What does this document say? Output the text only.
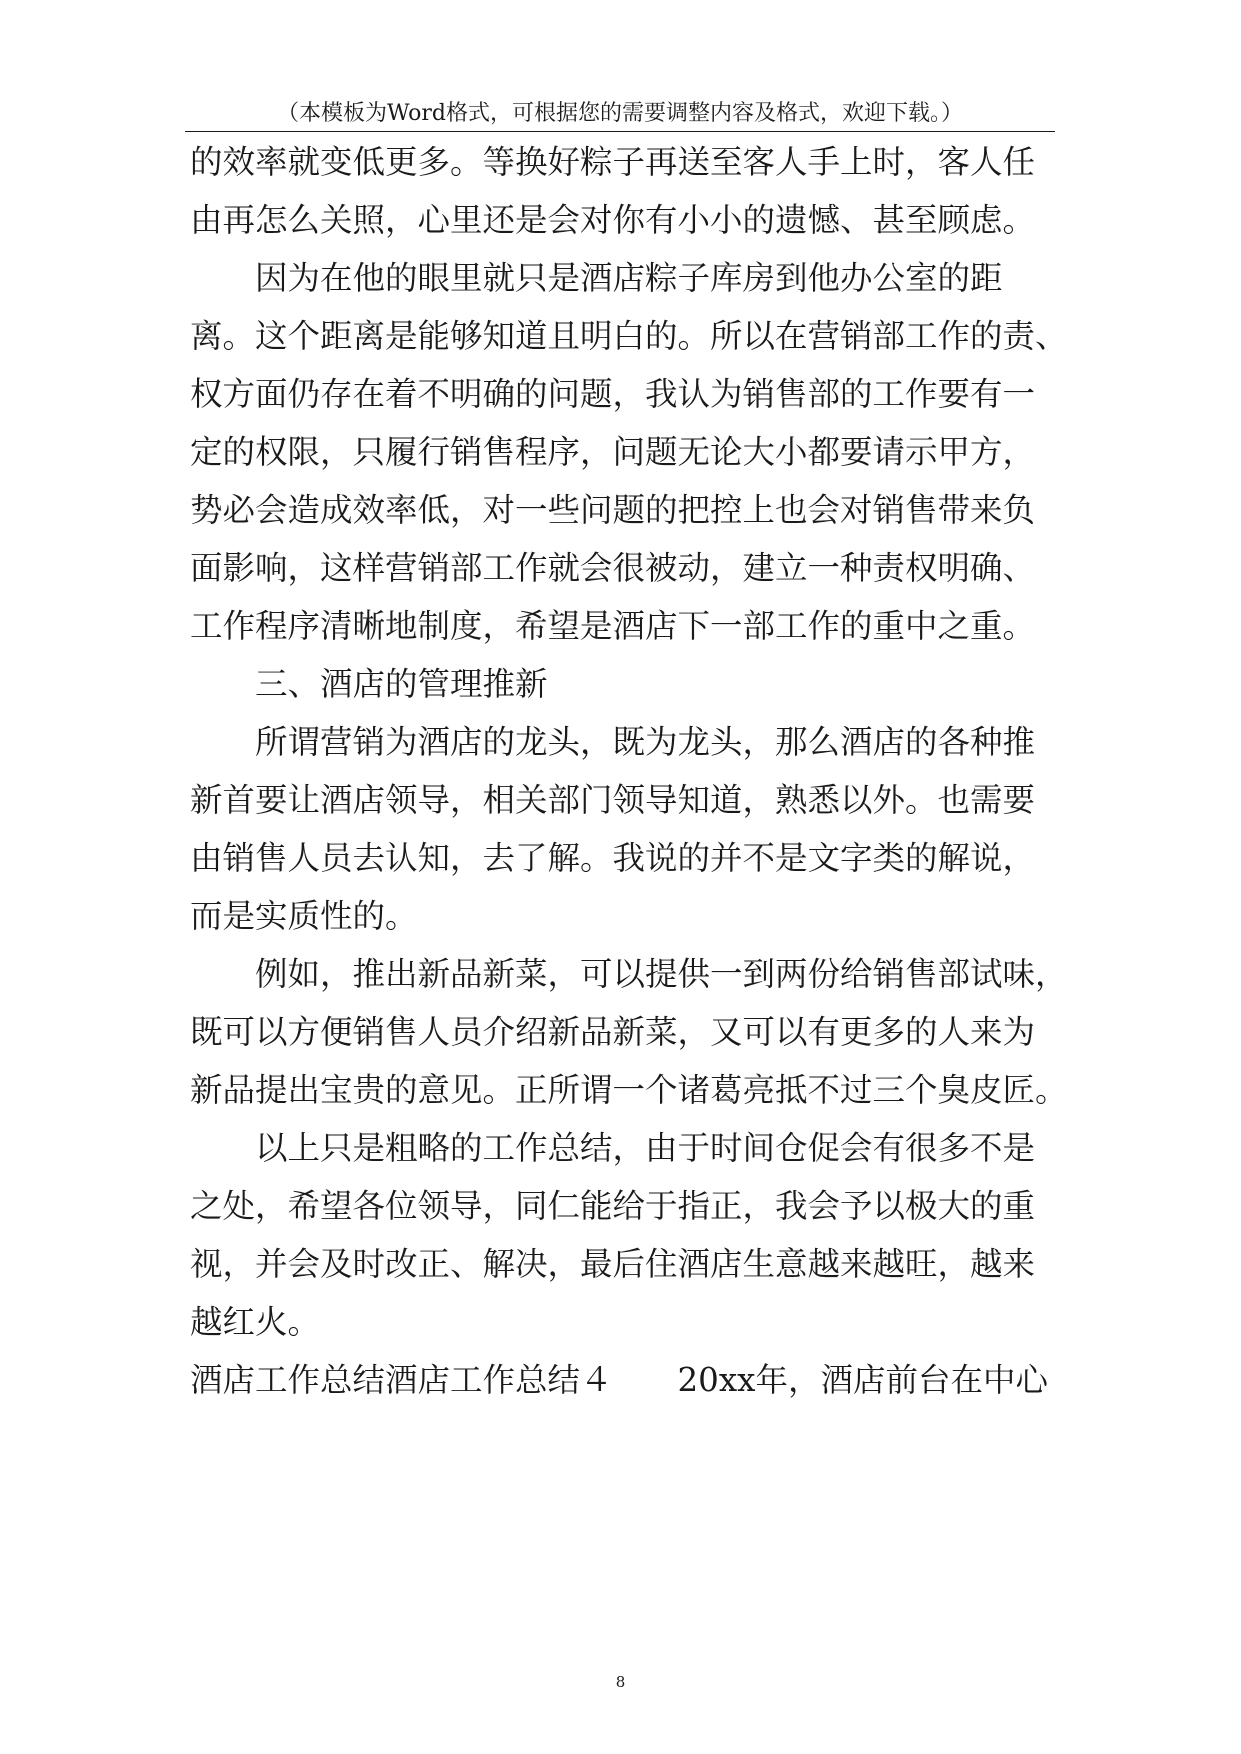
（本模板为Word格式，可根据您的需要调整内容及格式，欢迎下载。）
的效率就变低更多。等换好粽子再送至客人手上时，客人任
由再怎么关照，心里还是会对你有小小的遗憾、甚至顾虑。
　　因为在他的眼里就只是酒店粽子库房到他办公室的距
离。这个距离是能够知道且明白的。所以在营销部工作的责、
权方面仍存在着不明确的问题，我认为销售部的工作要有一
定的权限，只履行销售程序，问题无论大小都要请示甲方，
势必会造成效率低，对一些问题的把控上也会对销售带来负
面影响，这样营销部工作就会很被动，建立一种责权明确、
工作程序清晰地制度，希望是酒店下一部工作的重中之重。
　　三、酒店的管理推新
　　所谓营销为酒店的龙头，既为龙头，那么酒店的各种推
新首要让酒店领导，相关部门领导知道，熟悉以外。也需要
由销售人员去认知，去了解。我说的并不是文字类的解说，
而是实质性的。
　　例如，推出新品新菜，可以提供一到两份给销售部试味，
既可以方便销售人员介绍新品新菜，又可以有更多的人来为
新品提出宝贵的意见。正所谓一个诸葛亮抵不过三个臭皮匠。
　　以上只是粗略的工作总结，由于时间仓促会有很多不是
之处，希望各位领导，同仁能给于指正，我会予以极大的重
视，并会及时改正、解决，最后住酒店生意越来越旺，越来
越红火。
酒店工作总结酒店工作总结４　　20xx年，酒店前台在中心
8
